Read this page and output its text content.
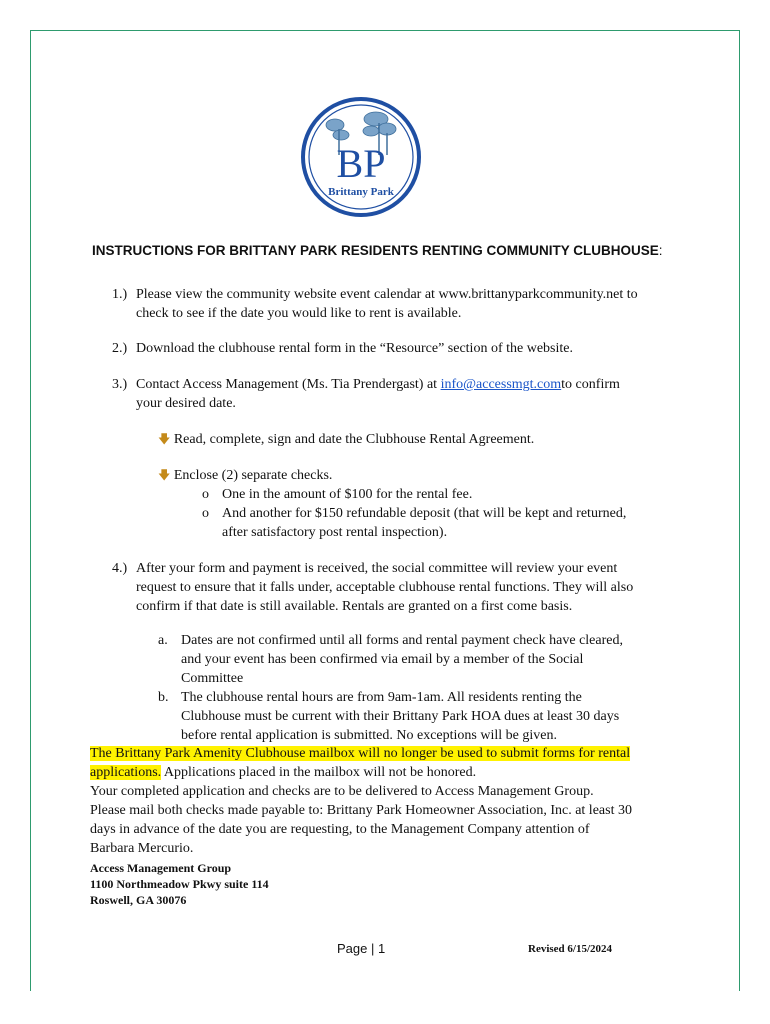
BP
Brittany Park
INSTRUCTIONS FOR BRITTANY PARK RESIDENTS RENTING COMMUNITY CLUBHOUSE:
1.) Please view the community website event calendar at www.brittanyparkcommunity.net to
check to see if the date you would like to rent is available.
2.) Download the clubhouse rental form in the “Resource” section of the website.
3.) Contact Access Management (Ms. Tia Prendergast) at info@accessmgt.comto confirm
your desired date.
🡇 Read, complete, sign and date the Clubhouse Rental Agreement.
🡇 Enclose (2) separate checks.
o One in the amount of $100 for the rental fee.
o And another for $150 refundable deposit (that will be kept and returned,
after satisfactory post rental inspection).
4.) After your form and payment is received, the social committee will review your event
request to ensure that it falls under, acceptable clubhouse rental functions. They will also
confirm if that date is still available. Rentals are granted on a first come basis.
a. Dates are not confirmed until all forms and rental payment check have cleared,
and your event has been confirmed via email by a member of the Social
Committee
b. The clubhouse rental hours are from 9am-1am. All residents renting the
Clubhouse must be current with their Brittany Park HOA dues at least 30 days
before rental application is submitted. No exceptions will be given.
The Brittany Park Amenity Clubhouse mailbox will no longer be used to submit forms for rental
applications. Applications placed in the mailbox will not be honored.
Your completed application and checks are to be delivered to Access Management Group.
Please mail both checks made payable to: Brittany Park Homeowner Association, Inc. at least 30
days in advance of the date you are requesting, to the Management Company attention of
Barbara Mercurio.
Access Management Group
1100 Northmeadow Pkwy suite 114
Roswell, GA 30076
Page | 1	Revised 6/15/2024
